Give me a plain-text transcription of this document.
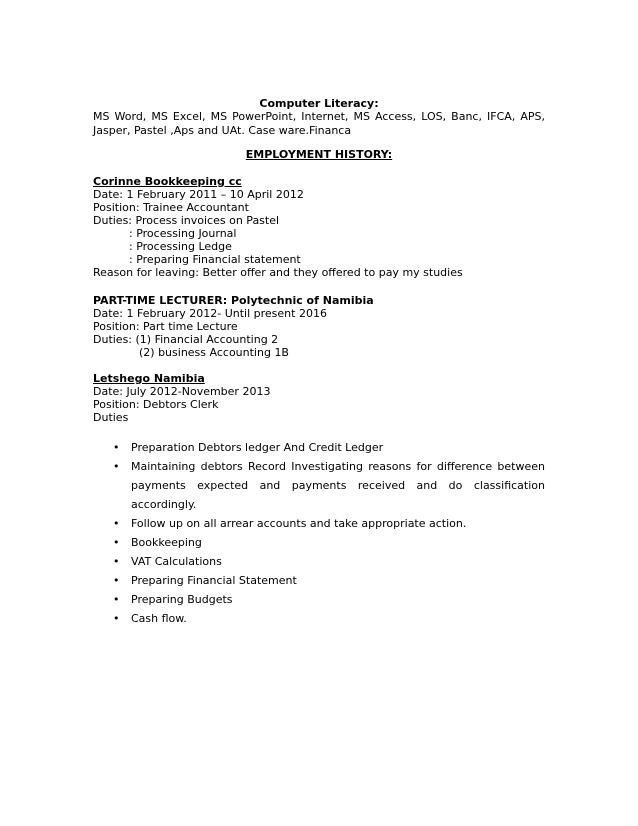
Computer Literacy:
MS Word, MS Excel, MS PowerPoint, Internet, MS Access, LOS, Banc, IFCA, APS, Jasper, Pastel ,Aps and UAt. Case ware.Financa
EMPLOYMENT HISTORY:
Corinne Bookkeeping cc
Date: 1 February 2011 – 10 April 2012
Position: Trainee Accountant
Duties: Process invoices on Pastel
: Processing Journal
: Processing Ledge
: Preparing Financial statement
Reason for leaving: Better offer and they offered to pay my studies
PART-TIME LECTURER: Polytechnic of Namibia
Date: 1 February 2012- Until present 2016
Position: Part time Lecture
Duties: (1) Financial Accounting 2
(2) business Accounting 1B
Letshego Namibia
Date: July 2012-November 2013
Position: Debtors Clerk
Duties
• Preparation Debtors ledger And Credit Ledger
• Maintaining debtors Record Investigating reasons for difference between payments expected and payments received and do classification accordingly.
• Follow up on all arrear accounts and take appropriate action.
• Bookkeeping
• VAT Calculations
• Preparing Financial Statement
• Preparing Budgets
• Cash flow.
